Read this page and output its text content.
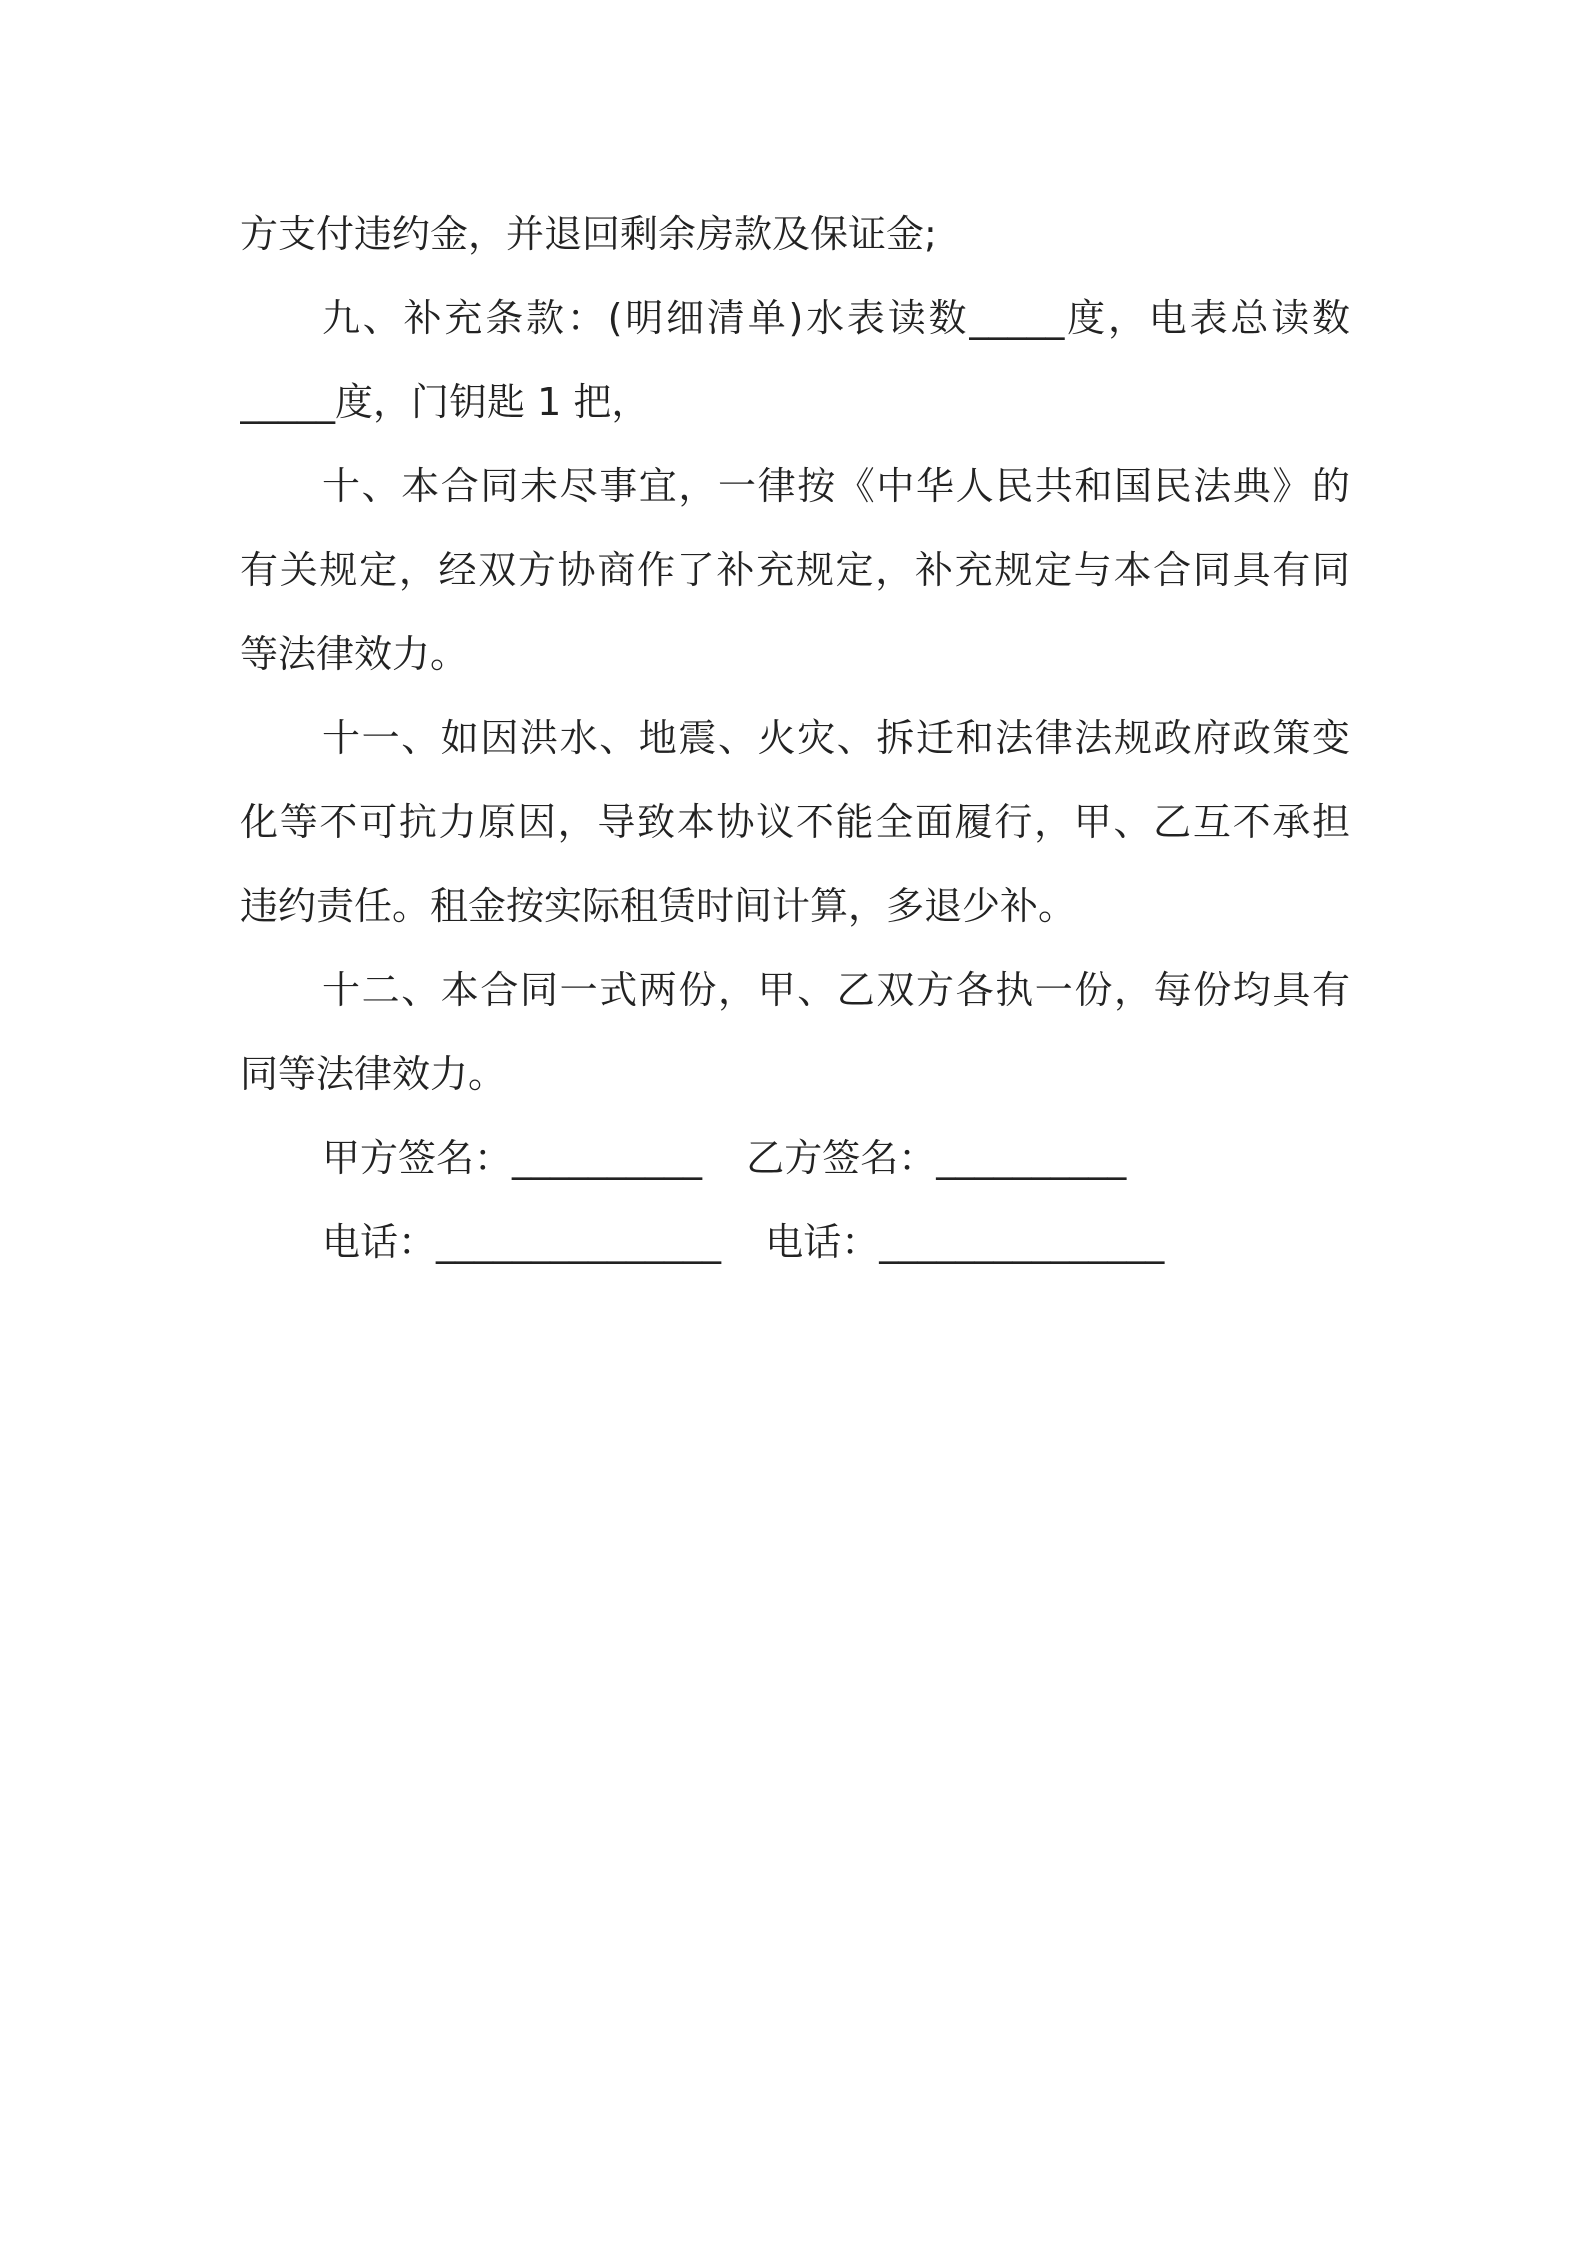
方支付违约金，并退回剩余房款及保证金;
九、补充条款：(明细清单)水表读数_____度，电表总读数
_____度，门钥匙 1 把，
十、本合同未尽事宜，一律按《中华人民共和国民法典》的
有关规定，经双方协商作了补充规定，补充规定与本合同具有同
等法律效力。
十一、如因洪水、地震、火灾、拆迁和法律法规政府政策变
化等不可抗力原因，导致本协议不能全面履行，甲、乙互不承担
违约责任。租金按实际租赁时间计算，多退少补。
十二、本合同一式两份，甲、乙双方各执一份，每份均具有
同等法律效力。
甲方签名：__________ 乙方签名：__________
电话：_______________ 电话：_______________
